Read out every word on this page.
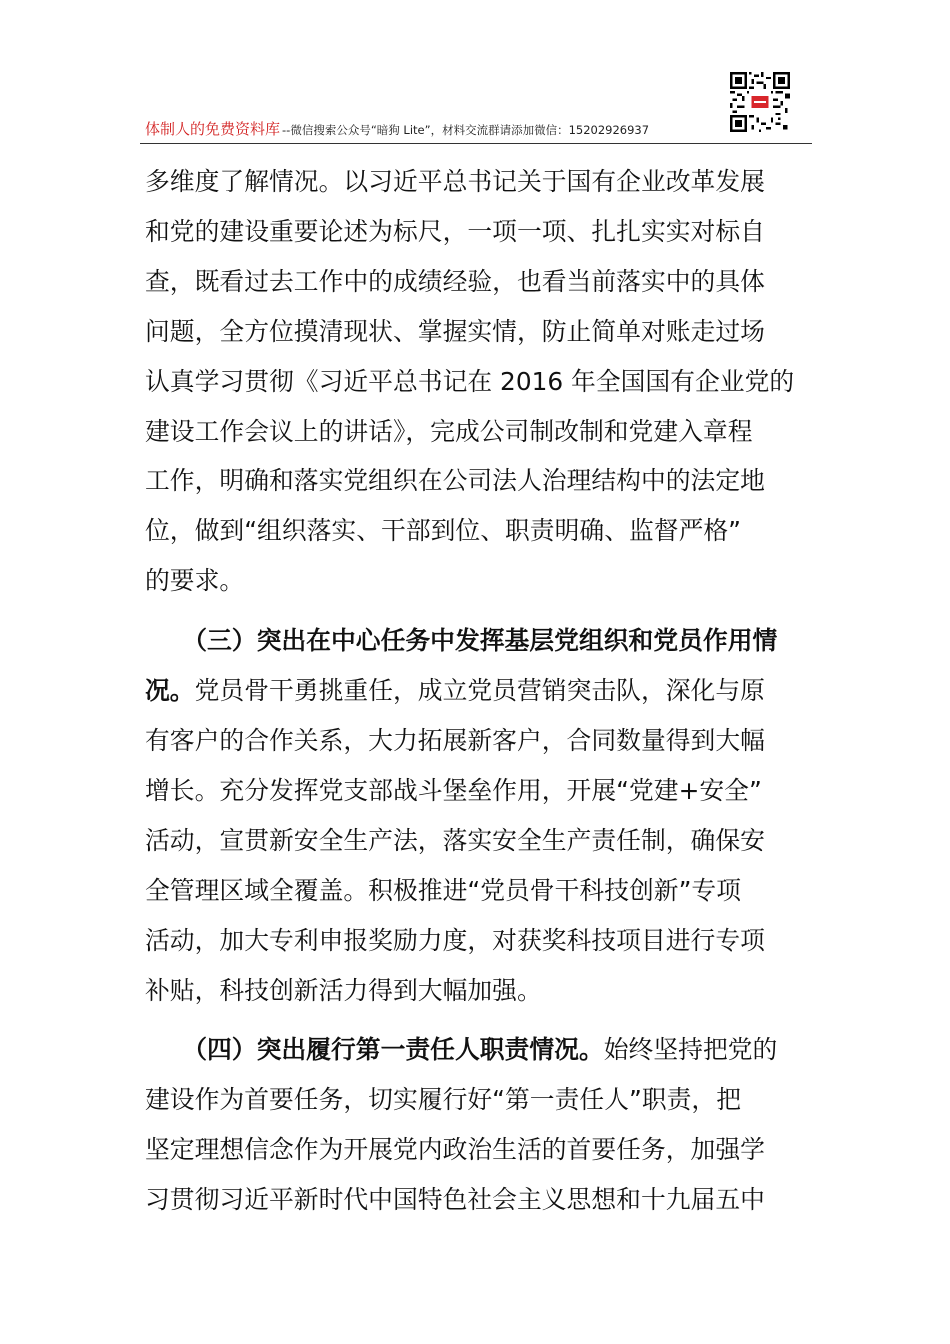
体制人的免费资料库 --微信搜索公众号“暗狗 Lite”，材料交流群请添加微信：15202926937

多维度了解情况。以习近平总书记关于国有企业改革发展
和党的建设重要论述为标尺，一项一项、扎扎实实对标自
查，既看过去工作中的成绩经验，也看当前落实中的具体
问题，全方位摸清现状、掌握实情，防止简单对账走过场
认真学习贯彻《习近平总书记在 2016 年全国国有企业党的
建设工作会议上的讲话》，完成公司制改制和党建入章程
工作，明确和落实党组织在公司法人治理结构中的法定地
位，做到“组织落实、干部到位、职责明确、监督严格”
的要求。

（三）突出在中心任务中发挥基层党组织和党员作用情
况。党员骨干勇挑重任，成立党员营销突击队，深化与原
有客户的合作关系，大力拓展新客户，合同数量得到大幅
增长。充分发挥党支部战斗堡垒作用，开展“党建+安全”
活动，宣贯新安全生产法，落实安全生产责任制，确保安
全管理区域全覆盖。积极推进“党员骨干科技创新”专项
活动，加大专利申报奖励力度，对获奖科技项目进行专项
补贴，科技创新活力得到大幅加强。

（四）突出履行第一责任人职责情况。始终坚持把党的
建设作为首要任务，切实履行好“第一责任人”职责，把
坚定理想信念作为开展党内政治生活的首要任务，加强学
习贯彻习近平新时代中国特色社会主义思想和十九届五中
